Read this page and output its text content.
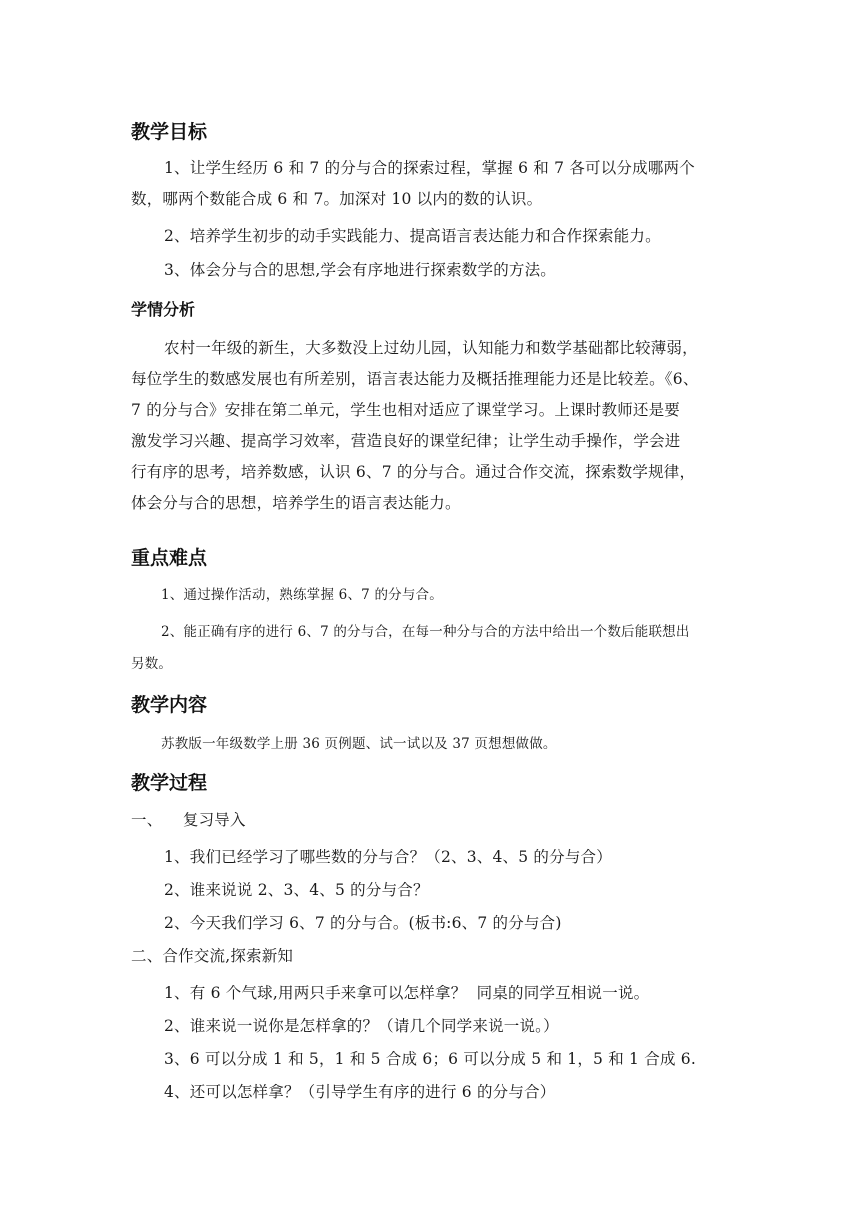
教学目标
1、让学生经历 6 和 7 的分与合的探索过程，掌握 6 和 7 各可以分成哪两个
数，哪两个数能合成 6 和 7。加深对 10 以内的数的认识。
2、培养学生初步的动手实践能力、提高语言表达能力和合作探索能力。
3、体会分与合的思想,学会有序地进行探索数学的方法。
学情分析
农村一年级的新生，大多数没上过幼儿园，认知能力和数学基础都比较薄弱，
每位学生的数感发展也有所差别，语言表达能力及概括推理能力还是比较差。《6、
7 的分与合》安排在第二单元，学生也相对适应了课堂学习。上课时教师还是要
激发学习兴趣、提高学习效率，营造良好的课堂纪律；让学生动手操作，学会进
行有序的思考，培养数感，认识 6、7 的分与合。通过合作交流，探索数学规律，
体会分与合的思想，培养学生的语言表达能力。
重点难点
1、通过操作活动，熟练掌握 6、7 的分与合。
2、能正确有序的进行 6、7 的分与合，在每一种分与合的方法中给出一个数后能联想出
另数。
教学内容
苏教版一年级数学上册 36 页例题、试一试以及 37 页想想做做。
教学过程
一、    复习导入
1、我们已经学习了哪些数的分与合？（2、3、4、5 的分与合）
2、谁来说说 2、3、4、5 的分与合？
2、今天我们学习 6、7 的分与合。(板书:6、7 的分与合)
二、合作交流,探索新知
1、有 6 个气球,用两只手来拿可以怎样拿？  同桌的同学互相说一说。
2、谁来说一说你是怎样拿的？（请几个同学来说一说。）
3、6 可以分成 1 和 5，1 和 5 合成 6；6 可以分成 5 和 1，5 和 1 合成 6.
4、还可以怎样拿？（引导学生有序的进行 6 的分与合）
